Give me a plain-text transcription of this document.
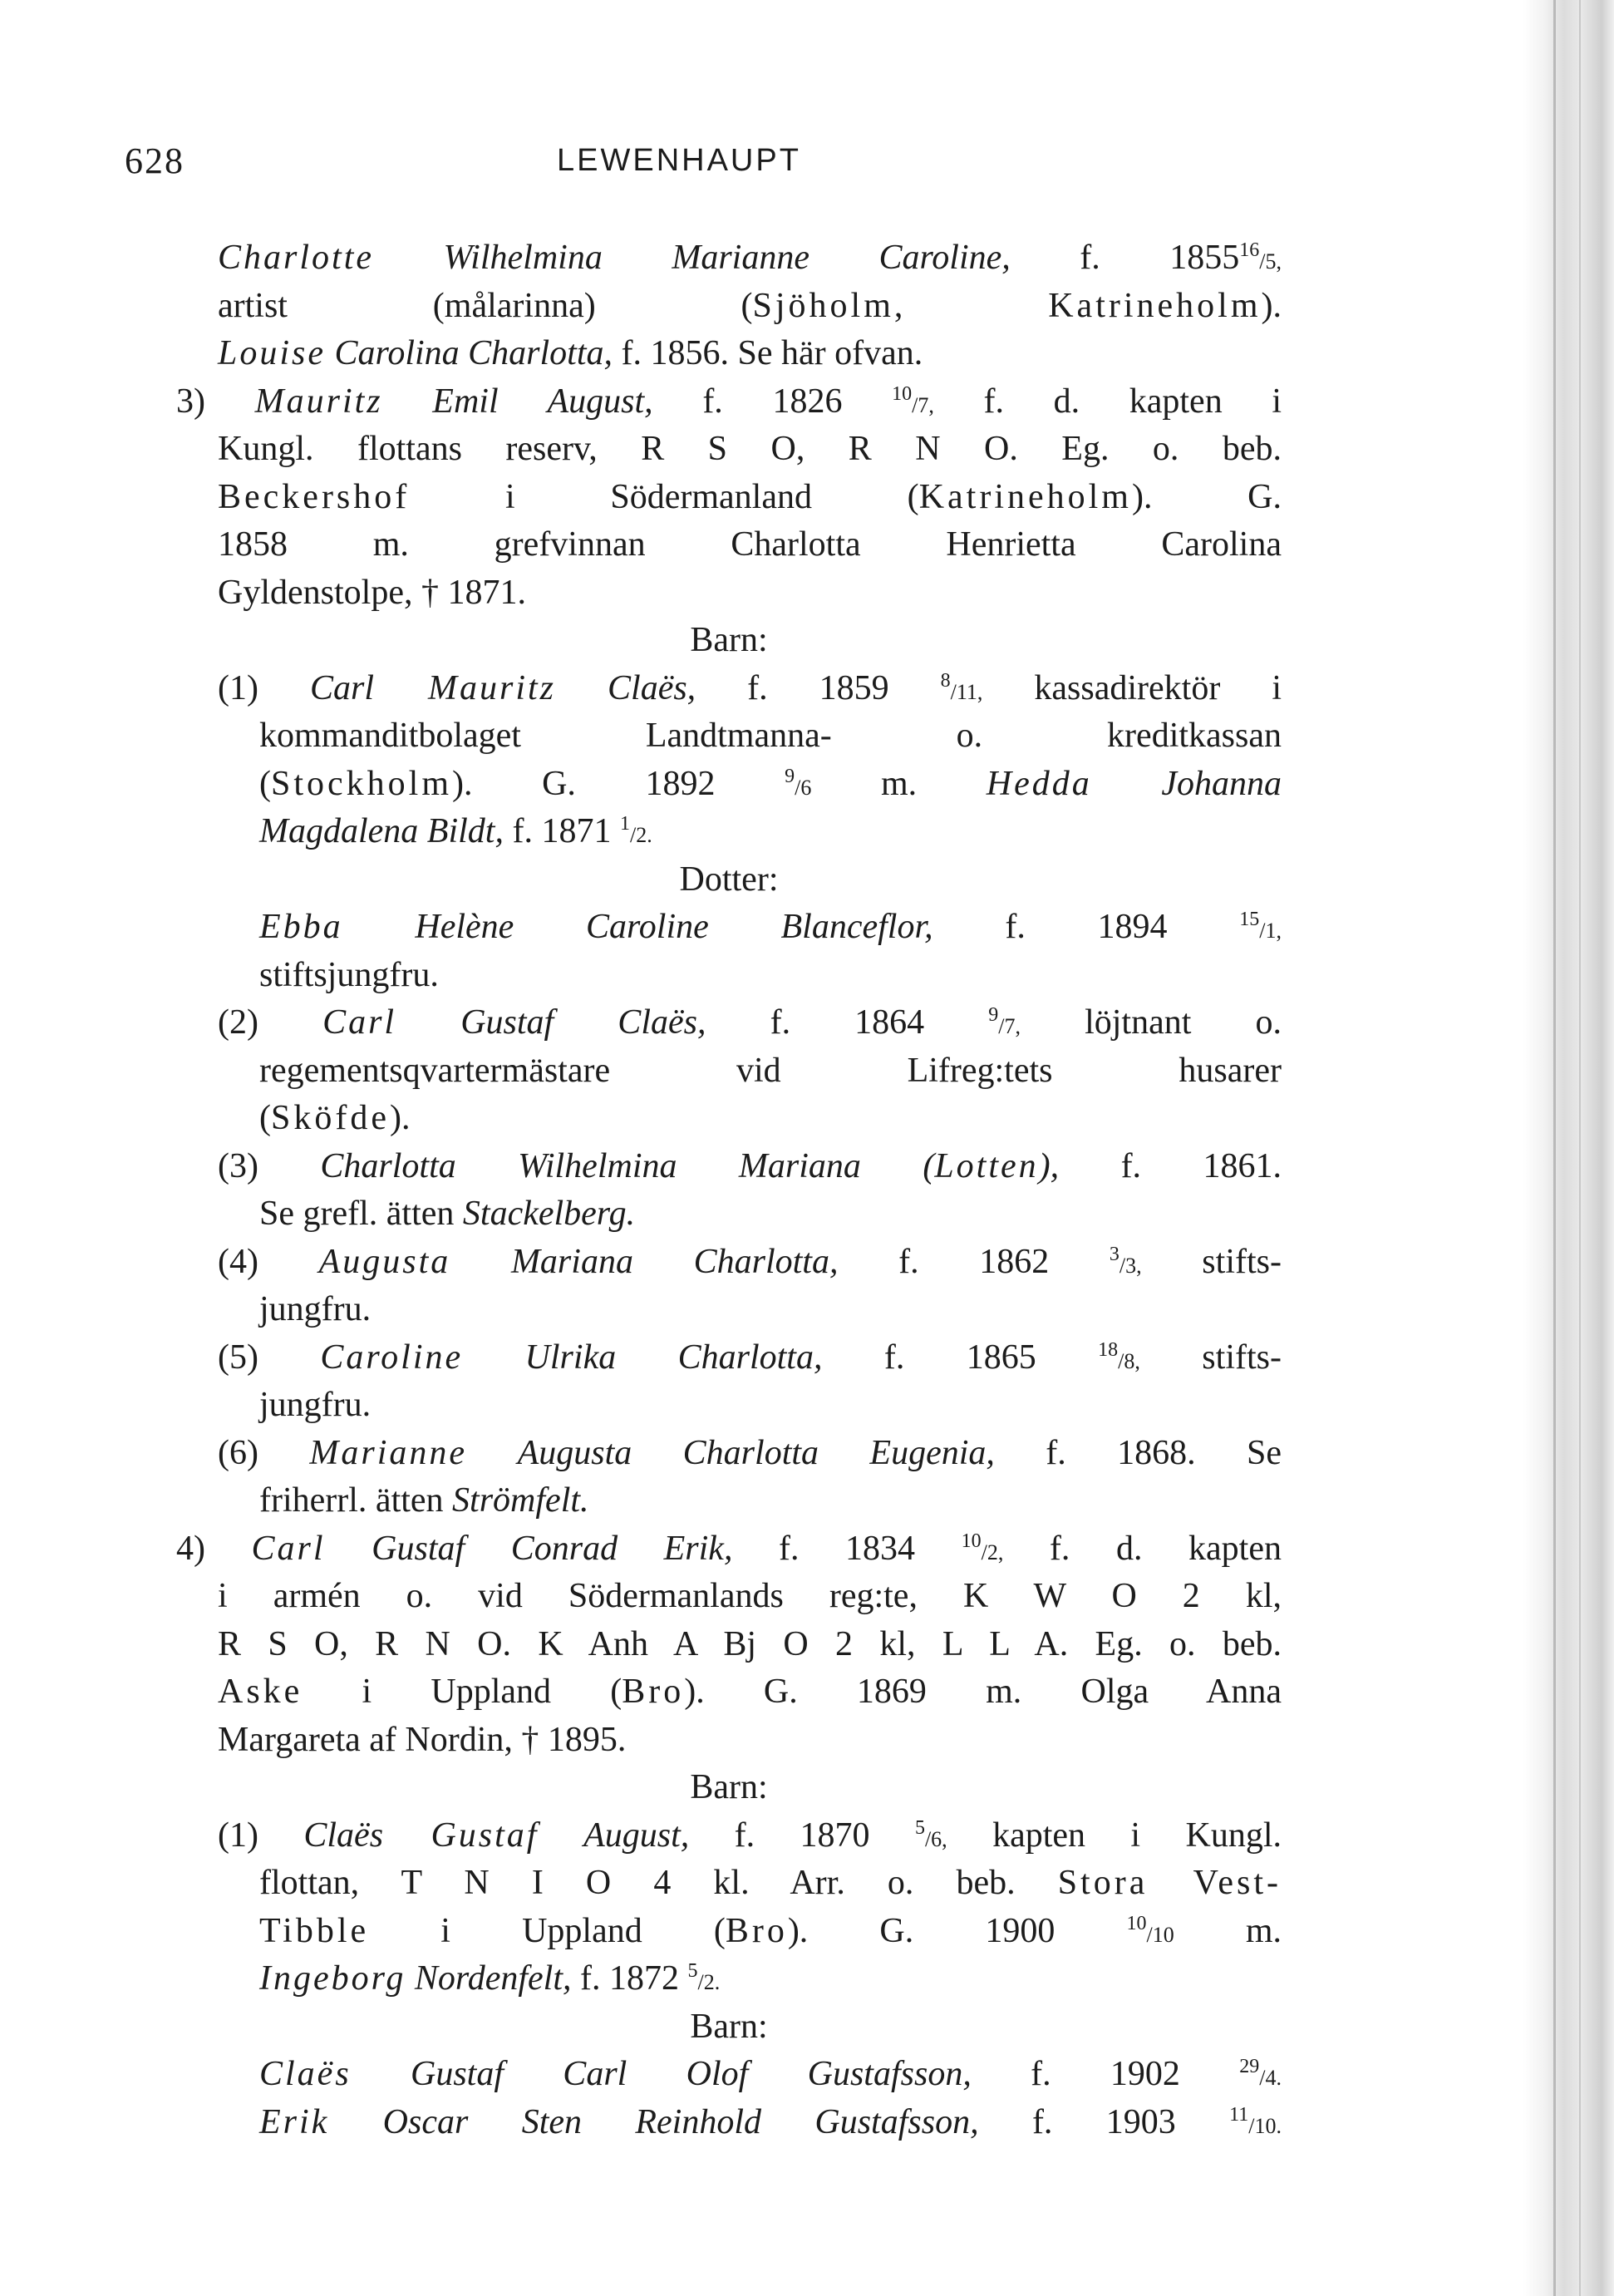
628	LEWENHAUPT
Charlotte Wilhelmina Marianne Caroline, f. 1855$^{16}$/5,
artist (målarinna) (Sjöholm, Katrineholm).
Louise Carolina Charlotta, f. 1856. Se här ofvan.
3) Mauritz Emil August, f. 1826 $^{10}$/7, f. d. kapten i
Kungl. flottans reserv, R S O, R N O. Eg. o. beb.
Beckershof i Södermanland (Katrineholm). G.
1858 m. grefvinnan Charlotta Henrietta Carolina
Gyldenstolpe, † 1871.
Barn:
(1) Carl Mauritz Claës, f. 1859 $^8$/11, kassadirektör i
kommanditbolaget Landtmanna- o. kreditkassan
(Stockholm). G. 1892 $^9$/6 m. Hedda Johanna
Magdalena Bildt, f. 1871 $^1$/2.
Dotter:
Ebba Helène Caroline Blanceflor, f. 1894 $^{15}$/1,
stiftsjungfru.
(2) Carl Gustaf Claës, f. 1864 $^9$/7, löjtnant o.
regementsqvartermästare vid Lifreg:tets husarer
(Sköfde).
(3) Charlotta Wilhelmina Mariana (Lotten), f. 1861.
Se grefl. ätten Stackelberg.
(4) Augusta Mariana Charlotta, f. 1862 $^3$/3, stifts-
jungfru.
(5) Caroline Ulrika Charlotta, f. 1865 $^{18}$/8, stifts-
jungfru.
(6) Marianne Augusta Charlotta Eugenia, f. 1868. Se
friherrl. ätten Strömfelt.
4) Carl Gustaf Conrad Erik, f. 1834 $^{10}$/2, f. d. kapten
i armén o. vid Södermanlands reg:te, K W O 2 kl,
R S O, R N O. K Anh A Bj O 2 kl, L L A. Eg. o. beb.
Aske i Uppland (Bro). G. 1869 m. Olga Anna
Margareta af Nordin, † 1895.
Barn:
(1) Claës Gustaf August, f. 1870 $^5$/6, kapten i Kungl.
flottan, T N I O 4 kl. Arr. o. beb. Stora Vest-
Tibble i Uppland (Bro). G. 1900 $^{10}$/10 m.
Ingeborg Nordenfelt, f. 1872 $^5$/2.
Barn:
Claës Gustaf Carl Olof Gustafsson, f. 1902 $^{29}$/4.
Erik Oscar Sten Reinhold Gustafsson, f. 1903 $^{11}$/10.
